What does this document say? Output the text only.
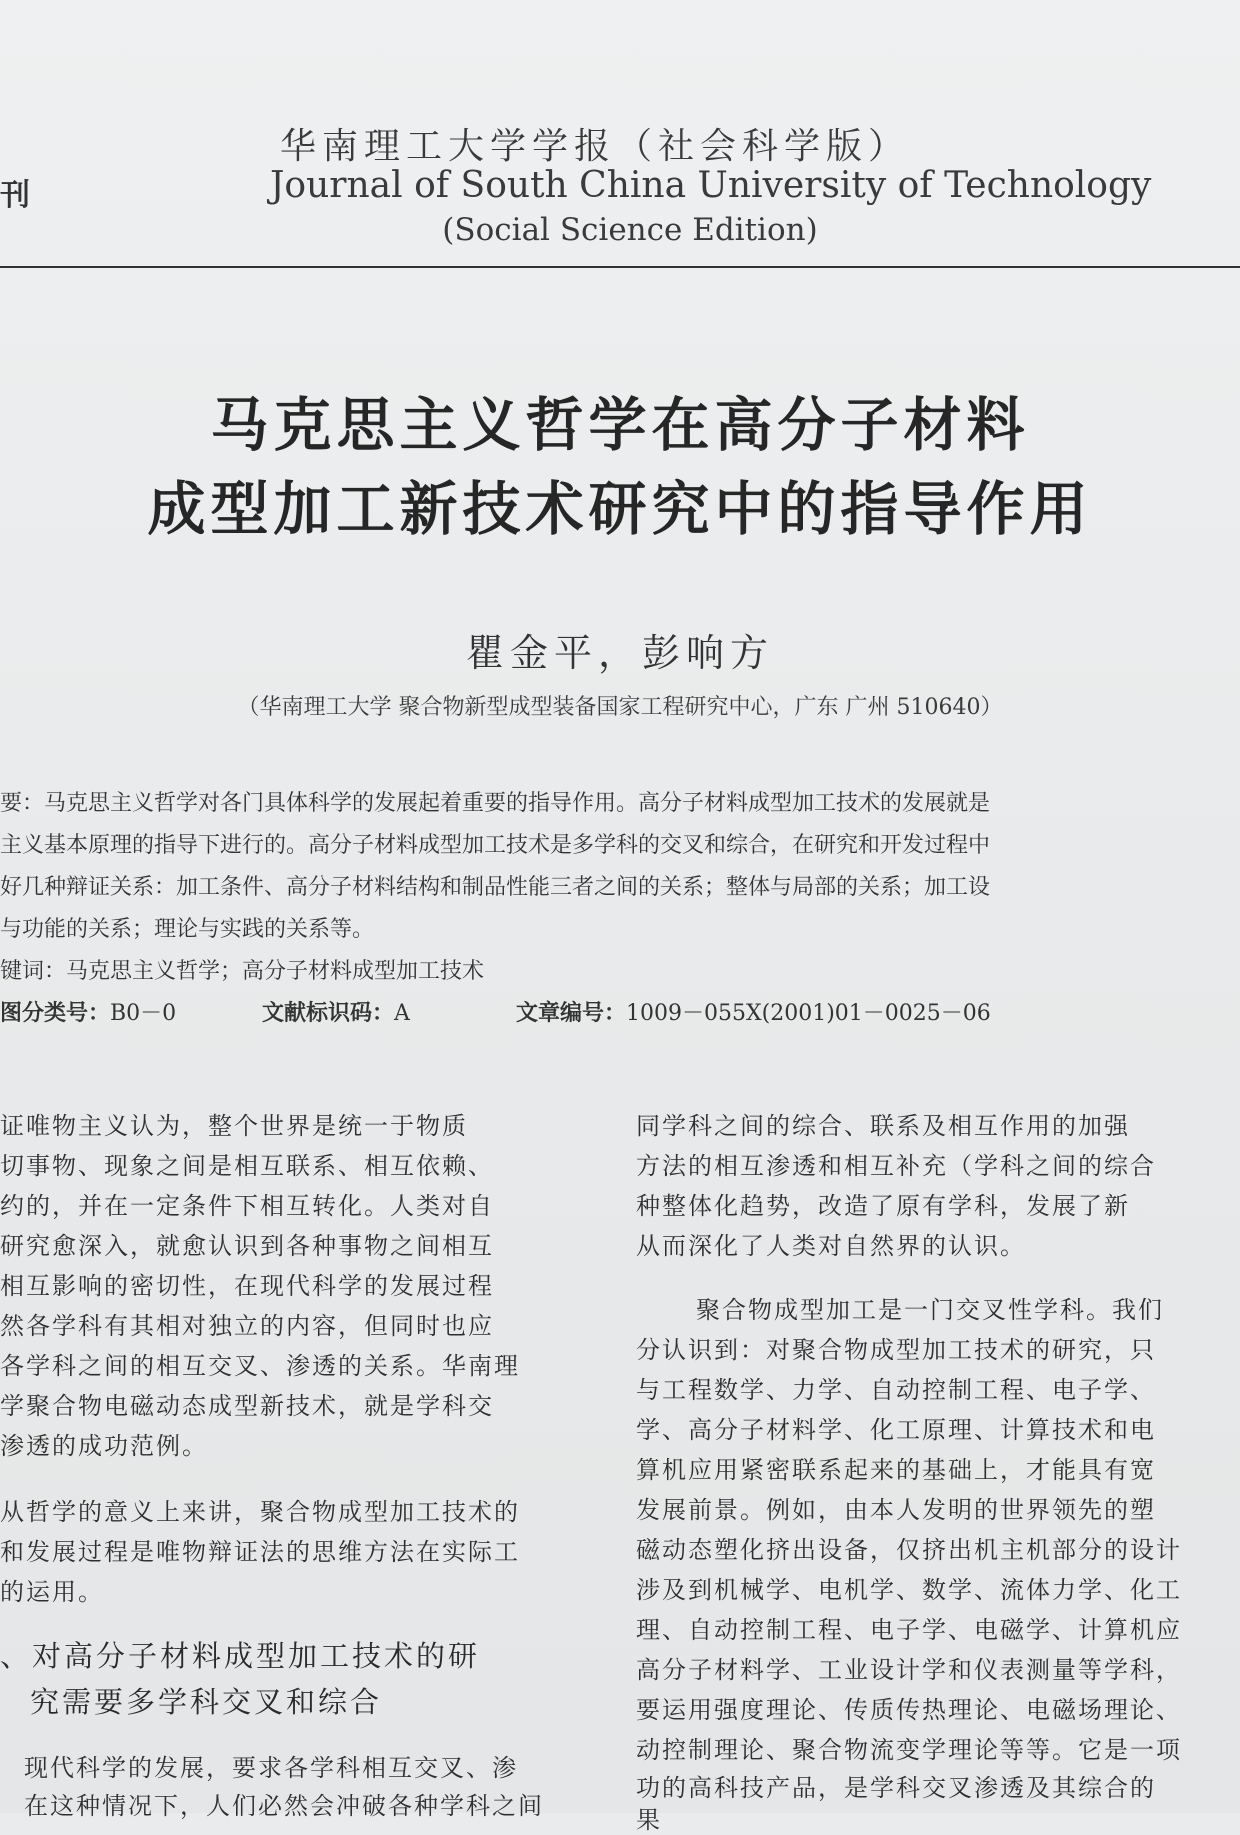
刊
华南理工大学学报（社会科学版）
Journal of South China University of Technology
(Social Science Edition)
马克思主义哲学在高分子材料
成型加工新技术研究中的指导作用
瞿金平，彭响方
（华南理工大学 聚合物新型成型装备国家工程研究中心，广东 广州 510640）
要：马克思主义哲学对各门具体科学的发展起着重要的指导作用。高分子材料成型加工技术的发展就是
主义基本原理的指导下进行的。高分子材料成型加工技术是多学科的交叉和综合，在研究和开发过程中
好几种辩证关系：加工条件、高分子材料结构和制品性能三者之间的关系；整体与局部的关系；加工设
与功能的关系；理论与实践的关系等。
键词：马克思主义哲学；高分子材料成型加工技术
图分类号：B0－0	文献标识码：A	文章编号：1009－055X(2001)01－0025－06
证唯物主义认为，整个世界是统一于物质
切事物、现象之间是相互联系、相互依赖、
约的，并在一定条件下相互转化。人类对自
研究愈深入，就愈认识到各种事物之间相互
相互影响的密切性，在现代科学的发展过程
然各学科有其相对独立的内容，但同时也应
各学科之间的相互交叉、渗透的关系。华南理
学聚合物电磁动态成型新技术，就是学科交
渗透的成功范例。
从哲学的意义上来讲，聚合物成型加工技术的
和发展过程是唯物辩证法的思维方法在实际工
的运用。
、对高分子材料成型加工技术的研
究需要多学科交叉和综合
现代科学的发展，要求各学科相互交叉、渗
在这种情况下，人们必然会冲破各种学科之间
同学科之间的综合、联系及相互作用的加强
方法的相互渗透和相互补充（学科之间的综合
种整体化趋势，改造了原有学科，发展了新
从而深化了人类对自然界的认识。
聚合物成型加工是一门交叉性学科。我们
分认识到：对聚合物成型加工技术的研究，只
与工程数学、力学、自动控制工程、电子学、
学、高分子材料学、化工原理、计算技术和电
算机应用紧密联系起来的基础上，才能具有宽
发展前景。例如，由本人发明的世界领先的塑
磁动态塑化挤出设备，仅挤出机主机部分的设计
涉及到机械学、电机学、数学、流体力学、化工
理、自动控制工程、电子学、电磁学、计算机应
高分子材料学、工业设计学和仪表测量等学科，
要运用强度理论、传质传热理论、电磁场理论、
动控制理论、聚合物流变学理论等等。它是一项
功的高科技产品，是学科交叉渗透及其综合的
果
